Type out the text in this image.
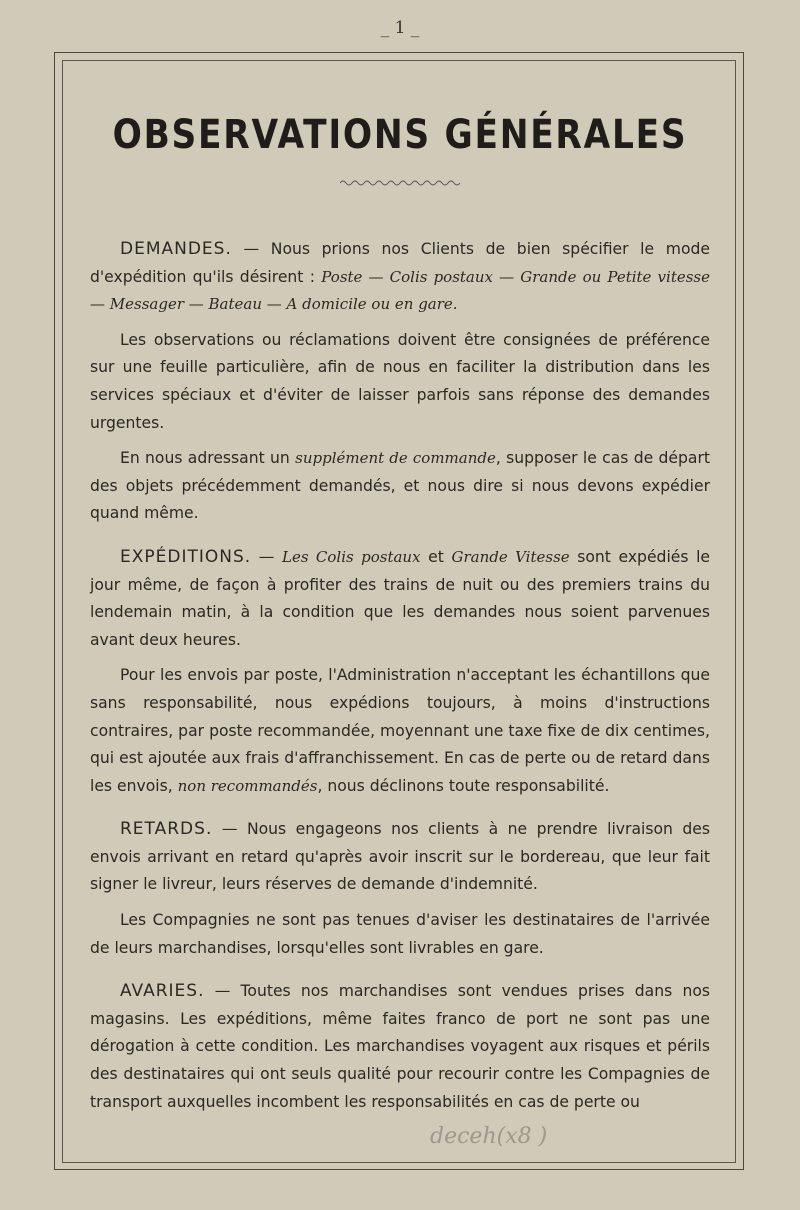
_ 1 _
OBSERVATIONS GÉNÉRALES

DEMANDES. — Nous prions nos Clients de bien spécifier le mode d'expédition qu'ils désirent : Poste — Colis postaux — Grande ou Petite vitesse — Messager — Bateau — A domicile ou en gare.

Les observations ou réclamations doivent être consignées de préférence sur une feuille particulière, afin de nous en faciliter la distribution dans les services spéciaux et d'éviter de laisser parfois sans réponse des demandes urgentes.

En nous adressant un supplément de commande, supposer le cas de départ des objets précédemment demandés, et nous dire si nous devons expédier quand même.

EXPÉDITIONS. — Les Colis postaux et Grande Vitesse sont expédiés le jour même, de façon à profiter des trains de nuit ou des premiers trains du lendemain matin, à la condition que les demandes nous soient parvenues avant deux heures.

Pour les envois par poste, l'Administration n'acceptant les échantillons que sans responsabilité, nous expédions toujours, à moins d'instructions contraires, par poste recommandée, moyennant une taxe fixe de dix centimes, qui est ajoutée aux frais d'affranchissement. En cas de perte ou de retard dans les envois, non recommandés, nous déclinons toute responsabilité.

RETARDS. — Nous engageons nos clients à ne prendre livraison des envois arrivant en retard qu'après avoir inscrit sur le bordereau, que leur fait signer le livreur, leurs réserves de demande d'indemnité.

Les Compagnies ne sont pas tenues d'aviser les destinataires de l'arrivée de leurs marchandises, lorsqu'elles sont livrables en gare.

AVARIES. — Toutes nos marchandises sont vendues prises dans nos magasins. Les expéditions, même faites franco de port ne sont pas une dérogation à cette condition. Les marchandises voyagent aux risques et périls des destinataires qui ont seuls qualité pour recourir contre les Compagnies de transport auxquelles incombent les responsabilités en cas de perte ou

deceh(x8 )
